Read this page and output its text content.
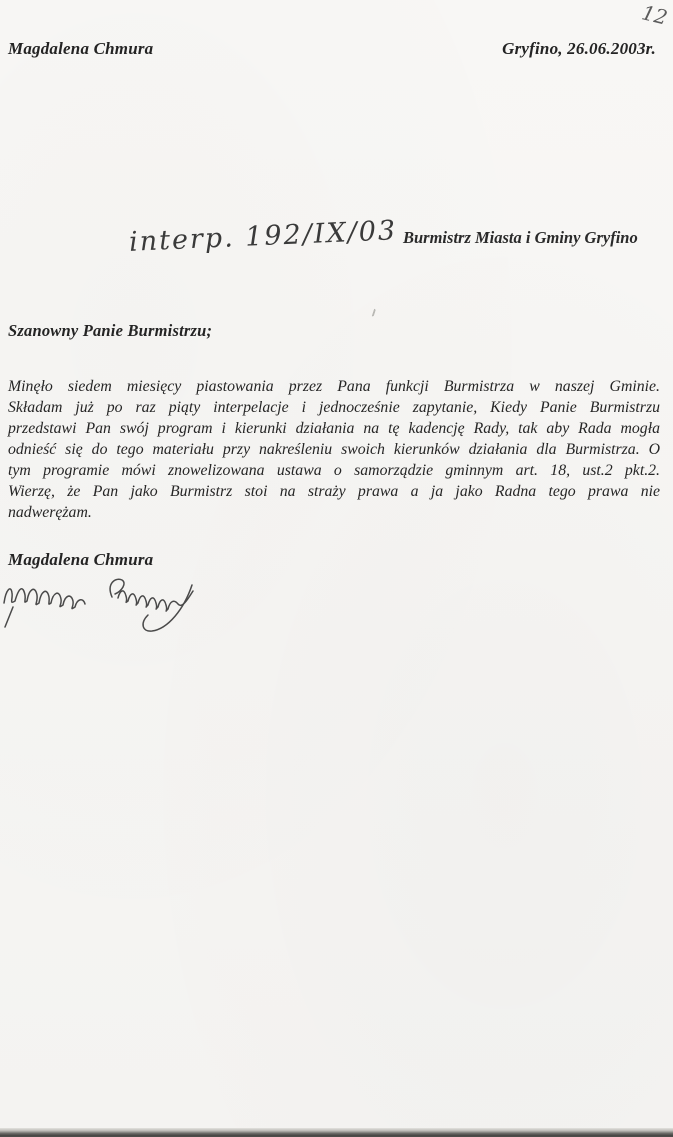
12
Magdalena Chmura	Gryfino, 26.06.2003r.
interp. 192/IX/03 Burmistrz Miasta i Gminy Gryfino
Szanowny Panie Burmistrzu;
Minęło siedem miesięcy piastowania przez Pana funkcji Burmistrza w naszej Gminie.
Składam już po raz piąty interpelacje i jednocześnie zapytanie, Kiedy Panie Burmistrzu
przedstawi Pan swój program i kierunki działania na tę kadencję Rady, tak aby Rada mogła
odnieść się do tego materiału przy nakreśleniu swoich kierunków działania dla Burmistrza. O
tym programie mówi znowelizowana ustawa o samorządzie gminnym art. 18, ust.2 pkt.2.
Wierzę, że Pan jako Burmistrz stoi na straży prawa a ja jako Radna tego prawa nie
nadwerężam.
Magdalena Chmura
